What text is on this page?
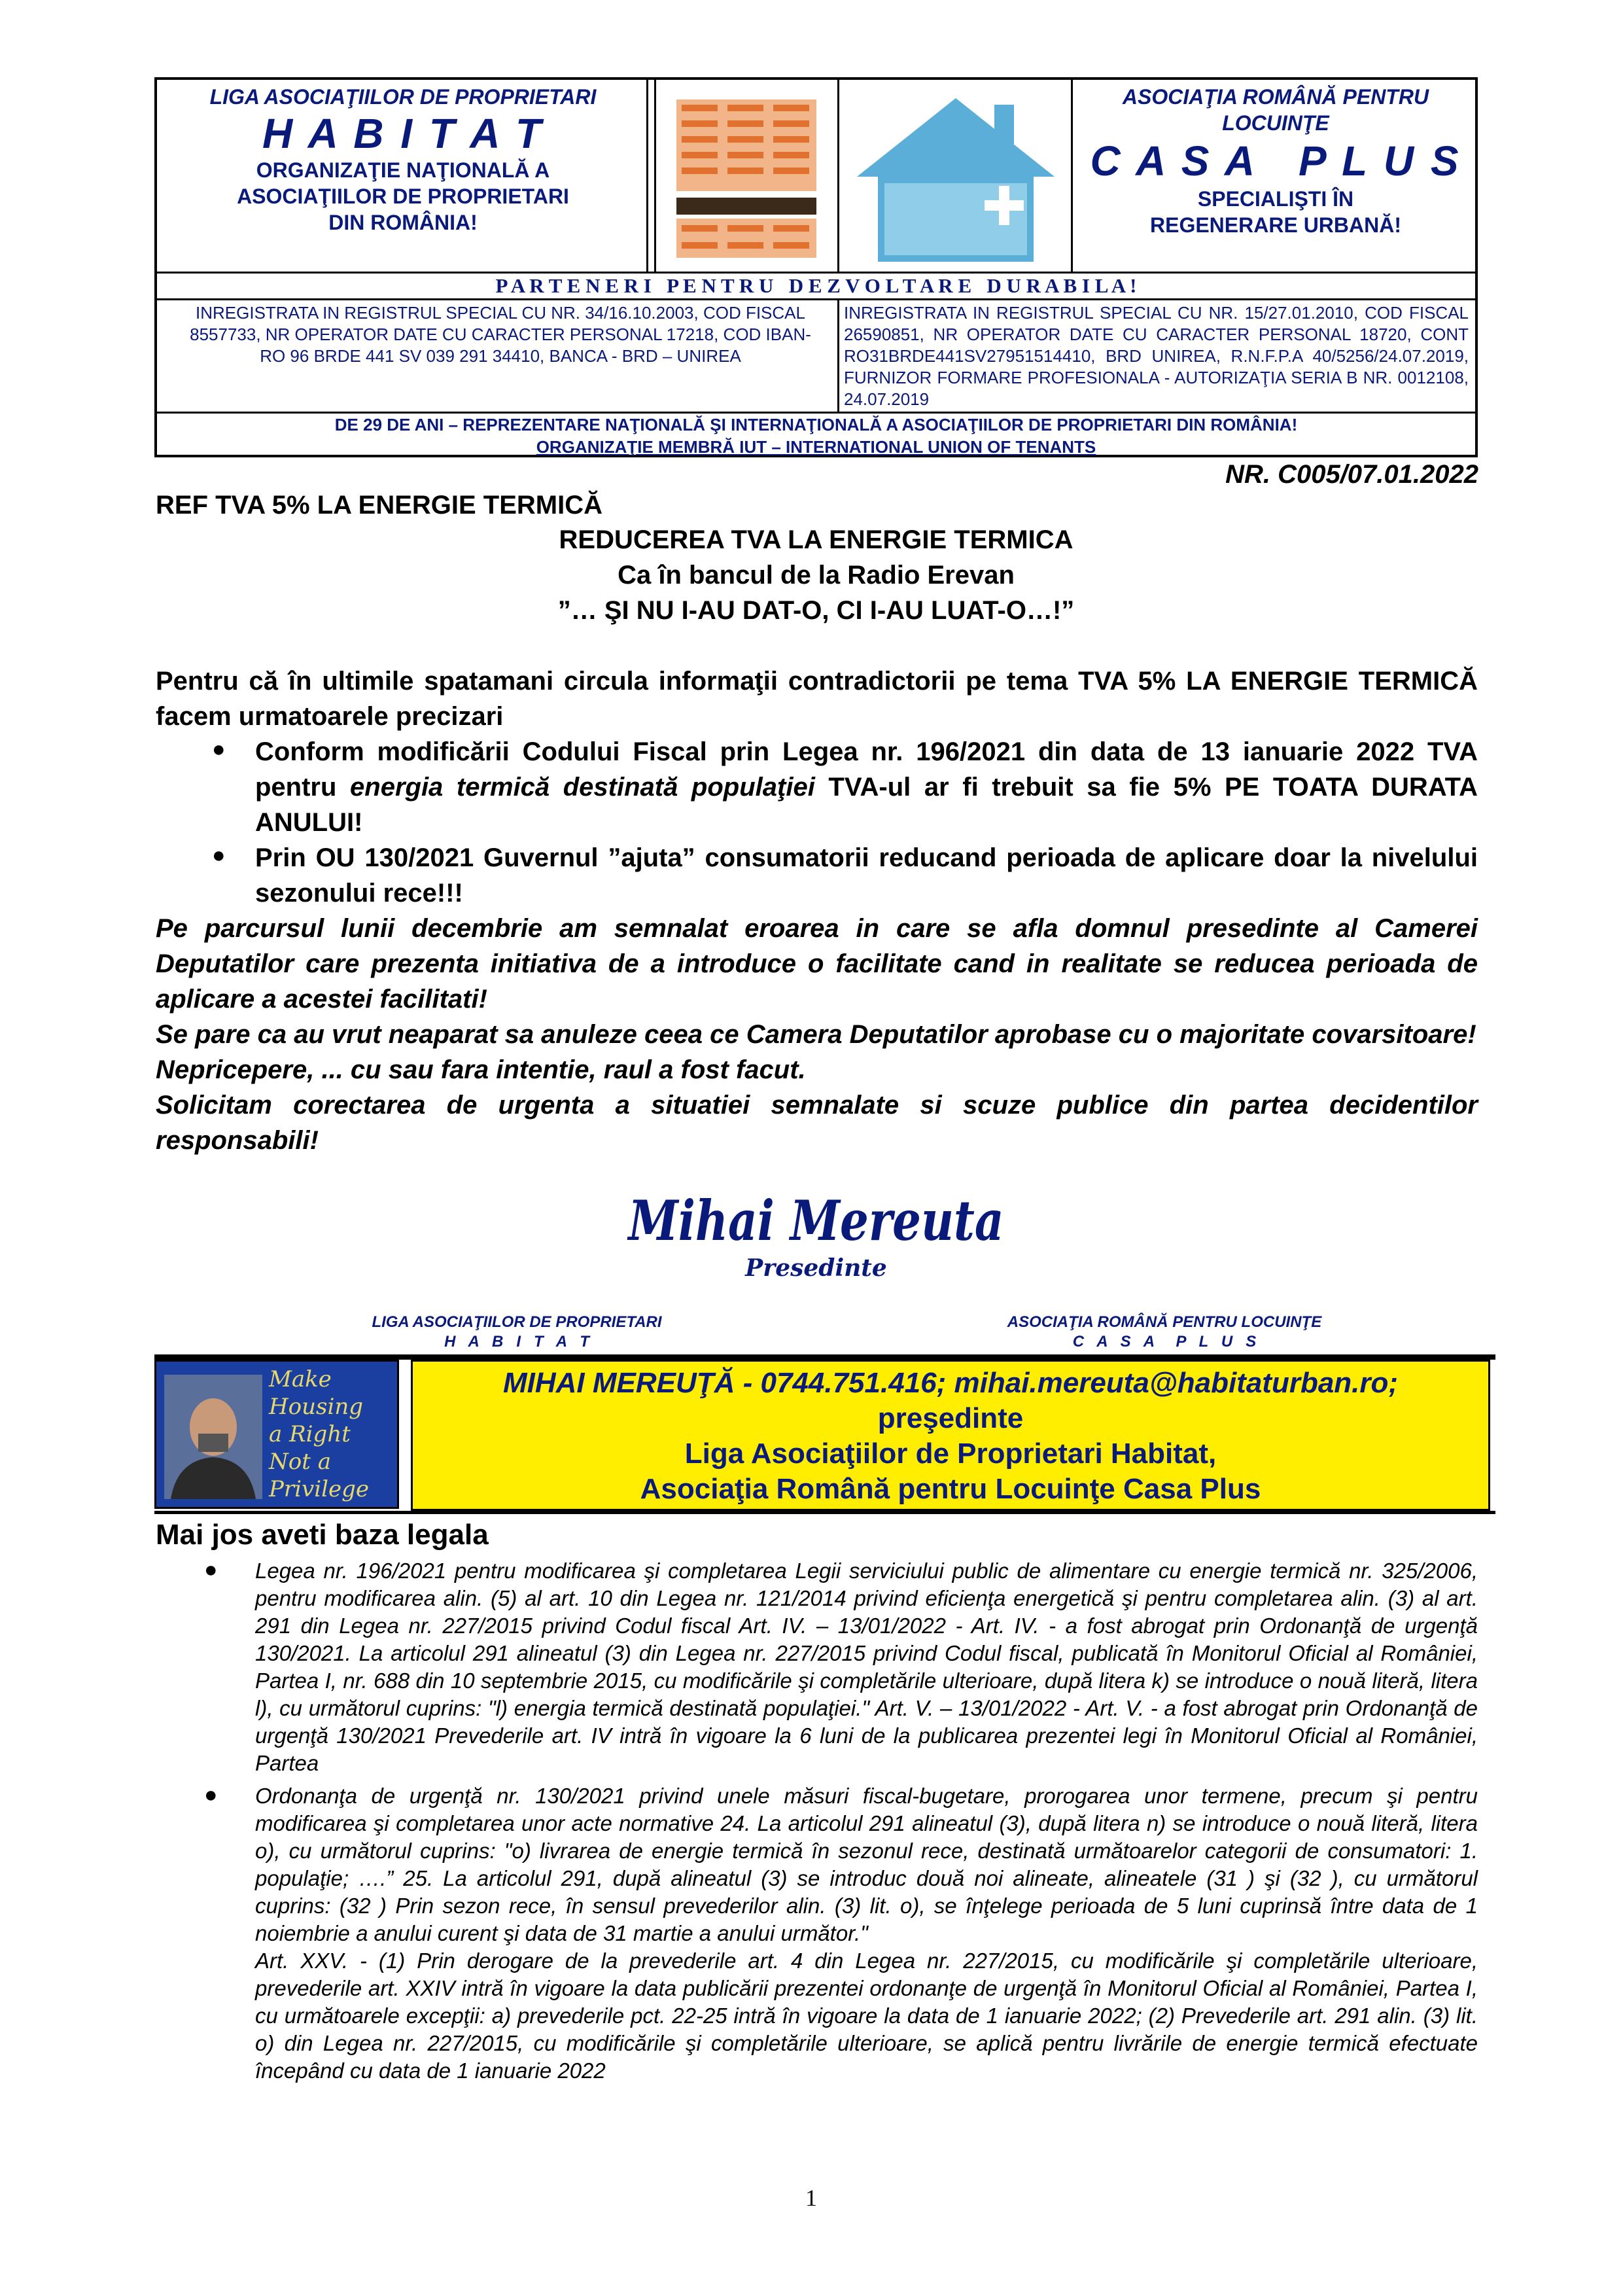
LIGA ASOCIAŢIILOR DE PROPRIETARI
H A B I T A T
ORGANIZAŢIE NAŢIONALĂ A
ASOCIAŢIILOR DE PROPRIETARI
DIN ROMÂNIA!
ASOCIAŢIA ROMÂNĂ PENTRU
LOCUINŢE
C A S A   P L U S
SPECIALIŞTI ÎN
REGENERARE URBANĂ!
P A R T E N E R I   P E N T R U   D E Z V O L T A R E   D U R A B I L A !
INREGISTRATA IN REGISTRUL SPECIAL CU NR. 34/16.10.2003, COD FISCAL 8557733, NR OPERATOR DATE CU CARACTER PERSONAL 17218, COD IBAN- RO 96 BRDE 441 SV 039 291 34410, BANCA - BRD – UNIREA
INREGISTRATA IN REGISTRUL SPECIAL CU NR. 15/27.01.2010, COD FISCAL 26590851, NR OPERATOR DATE CU CARACTER PERSONAL 18720, CONT RO31BRDE441SV27951514410, BRD UNIREA, R.N.F.P.A 40/5256/24.07.2019, FURNIZOR FORMARE PROFESIONALA - AUTORIZAŢIA SERIA B NR. 0012108, 24.07.2019
DE 29 DE ANI – REPREZENTARE NAŢIONALĂ ŞI INTERNAŢIONALĂ A ASOCIAŢIILOR DE PROPRIETARI DIN ROMÂNIA!
ORGANIZAŢIE MEMBRĂ IUT – INTERNATIONAL UNION OF TENANTS
NR. C005/07.01.2022
REF TVA 5% LA ENERGIE TERMICĂ
REDUCEREA TVA LA ENERGIE TERMICA
Ca în bancul de la Radio Erevan
”… ŞI NU I-AU DAT-O, CI I-AU LUAT-O…!”
Pentru că în ultimile spatamani circula informaţii contradictorii pe tema TVA 5% LA ENERGIE TERMICĂ facem urmatoarele precizari
● Conform modificării Codului Fiscal prin Legea nr. 196/2021 din data de 13 ianuarie 2022 TVA pentru energia termică destinată populaţiei TVA-ul ar fi trebuit sa fie 5% PE TOATA DURATA ANULUI!
● Prin OU 130/2021 Guvernul ”ajuta” consumatorii reducand perioada de aplicare doar la nivelului sezonului rece!!!
Pe parcursul lunii decembrie am semnalat eroarea in care se afla domnul presedinte al Camerei Deputatilor care prezenta initiativa de a introduce o facilitate cand in realitate se reducea perioada de aplicare a acestei facilitati!
Se pare ca au vrut neaparat sa anuleze ceea ce Camera Deputatilor aprobase cu o majoritate covarsitoare!
Nepricepere, ... cu sau fara intentie, raul a fost facut.
Solicitam corectarea de urgenta a situatiei semnalate si scuze publice din partea decidentilor responsabili!
Mihai Mereuta
Presedinte
LIGA ASOCIAŢIILOR DE PROPRIETARI
H   A   B   I   T   A   T
ASOCIAŢIA ROMÂNĂ PENTRU LOCUINŢE
C   A   S   A     P   L   U   S
Make
Housing
a Right
Not a
Privilege
MIHAI MEREUŢĂ - 0744.751.416; mihai.mereuta@habitaturban.ro;
preşedinte
Liga Asociaţiilor de Proprietari Habitat,
Asociaţia Română pentru Locuinţe Casa Plus
Mai jos aveti baza legala
● Legea nr. 196/2021 pentru modificarea şi completarea Legii serviciului public de alimentare cu energie termică nr. 325/2006, pentru modificarea alin. (5) al art. 10 din Legea nr. 121/2014 privind eficienţa energetică şi pentru completarea alin. (3) al art. 291 din Legea nr. 227/2015 privind Codul fiscal Art. IV. – 13/01/2022 - Art. IV. - a fost abrogat prin Ordonanţă de urgenţă 130/2021. La articolul 291 alineatul (3) din Legea nr. 227/2015 privind Codul fiscal, publicată în Monitorul Oficial al României, Partea I, nr. 688 din 10 septembrie 2015, cu modificările şi completările ulterioare, după litera k) se introduce o nouă literă, litera l), cu următorul cuprins: "l) energia termică destinată populaţiei." Art. V. – 13/01/2022 - Art. V. - a fost abrogat prin Ordonanţă de urgenţă 130/2021 Prevederile art. IV intră în vigoare la 6 luni de la publicarea prezentei legi în Monitorul Oficial al României, Partea
● Ordonanţa de urgenţă nr. 130/2021 privind unele măsuri fiscal-bugetare, prorogarea unor termene, precum şi pentru modificarea şi completarea unor acte normative 24. La articolul 291 alineatul (3), după litera n) se introduce o nouă literă, litera o), cu următorul cuprins: "o) livrarea de energie termică în sezonul rece, destinată următoarelor categorii de consumatori: 1. populaţie; ….” 25. La articolul 291, după alineatul (3) se introduc două noi alineate, alineatele (31 ) şi (32 ), cu următorul cuprins: (32 ) Prin sezon rece, în sensul prevederilor alin. (3) lit. o), se înţelege perioada de 5 luni cuprinsă între data de 1 noiembrie a anului curent şi data de 31 martie a anului următor."
Art. XXV. - (1) Prin derogare de la prevederile art. 4 din Legea nr. 227/2015, cu modificările şi completările ulterioare, prevederile art. XXIV intră în vigoare la data publicării prezentei ordonanţe de urgenţă în Monitorul Oficial al României, Partea I, cu următoarele excepţii: a) prevederile pct. 22-25 intră în vigoare la data de 1 ianuarie 2022; (2) Prevederile art. 291 alin. (3) lit. o) din Legea nr. 227/2015, cu modificările şi completările ulterioare, se aplică pentru livrările de energie termică efectuate începând cu data de 1 ianuarie 2022
1
